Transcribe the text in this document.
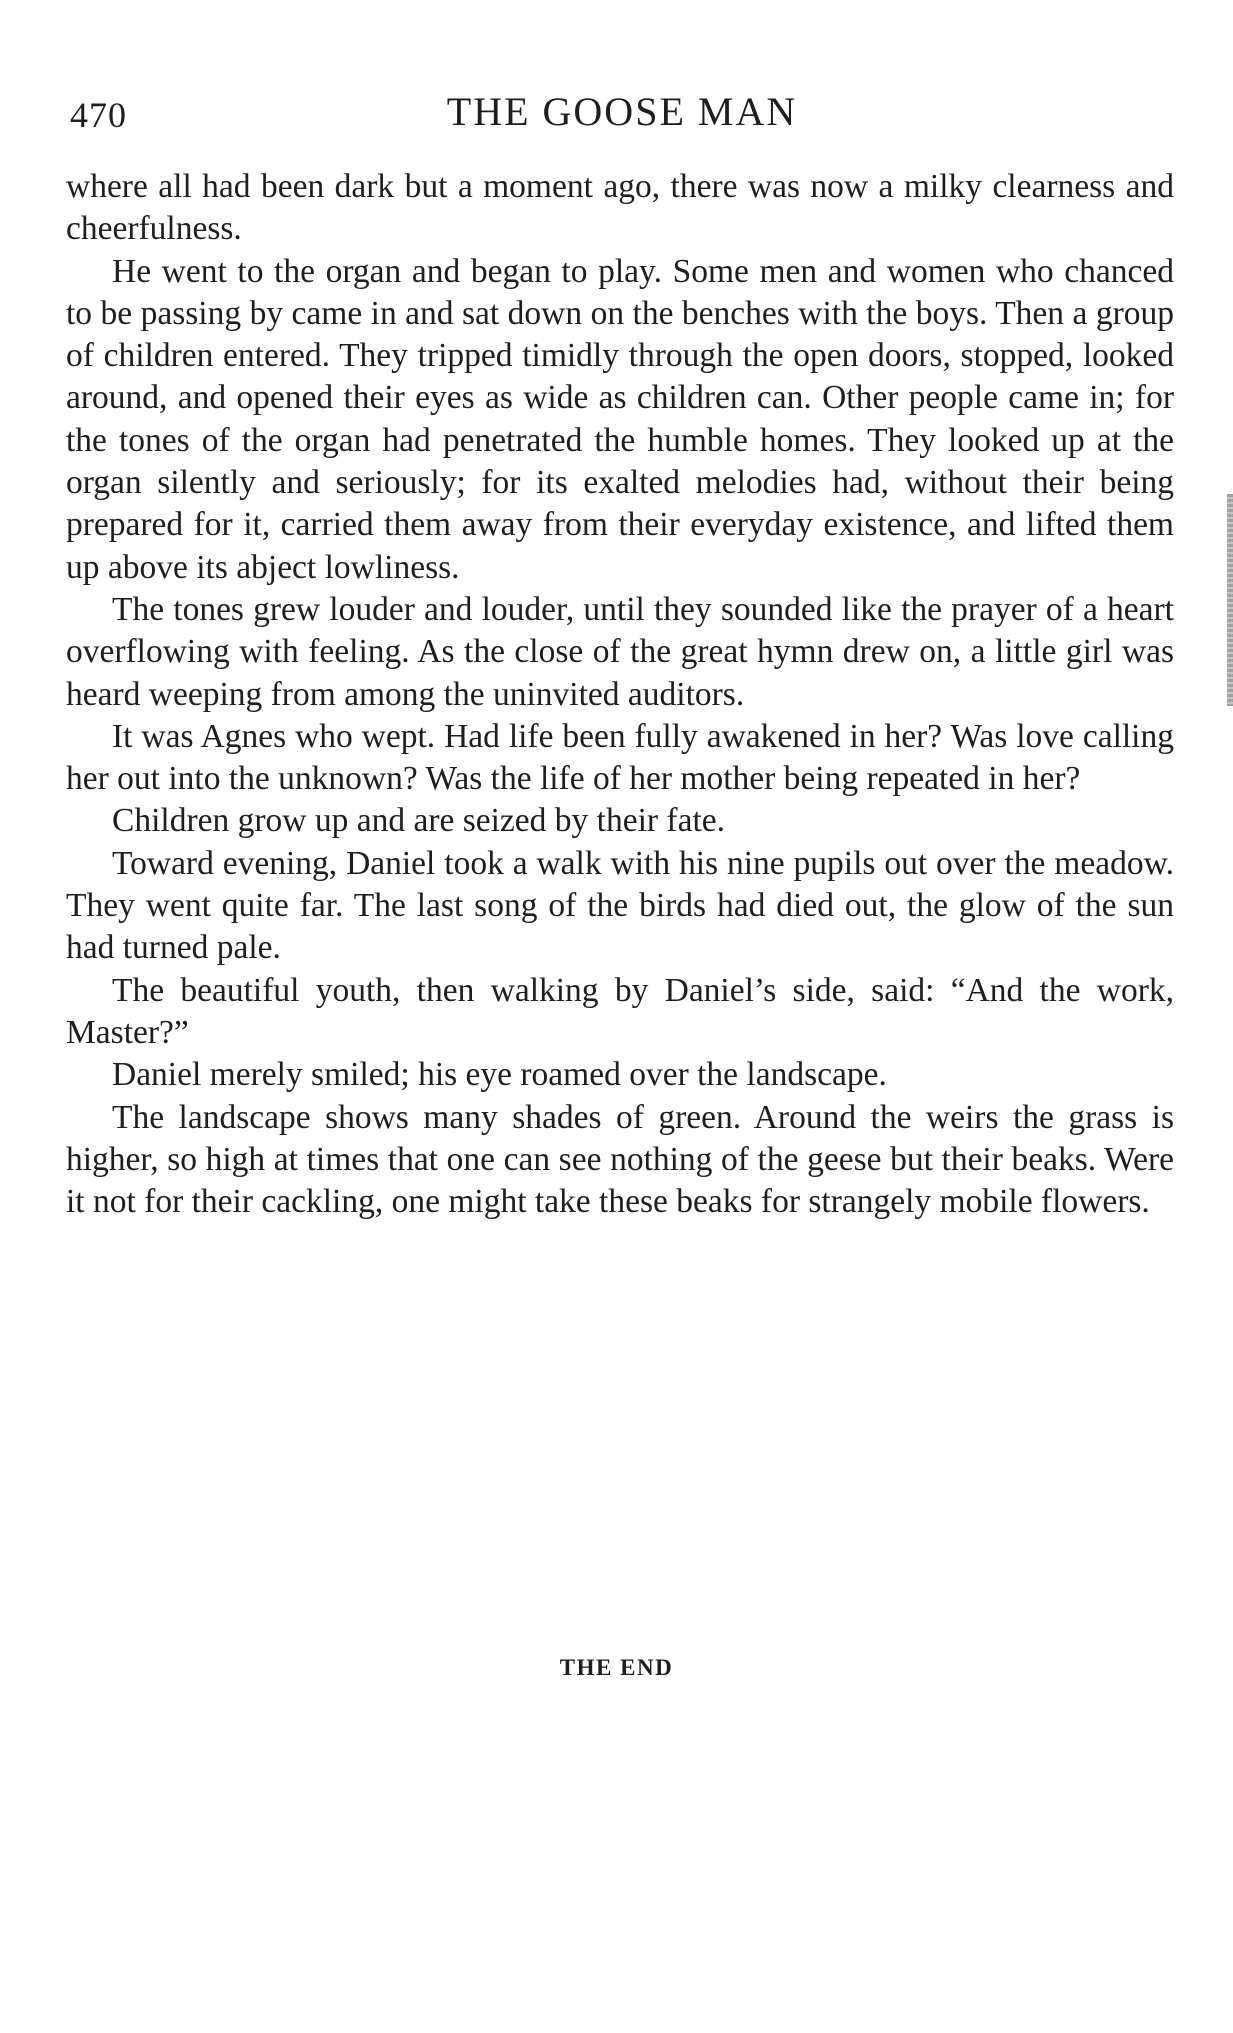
470	THE GOOSE MAN

where all had been dark but a moment ago, there was now a milky clearness and cheerfulness.

He went to the organ and began to play. Some men and women who chanced to be passing by came in and sat down on the benches with the boys. Then a group of children entered. They tripped timidly through the open doors, stopped, looked around, and opened their eyes as wide as children can. Other people came in; for the tones of the organ had penetrated the humble homes. They looked up at the organ silently and seriously; for its exalted melodies had, without their being prepared for it, carried them away from their everyday existence, and lifted them up above its abject lowliness.

The tones grew louder and louder, until they sounded like the prayer of a heart overflowing with feeling. As the close of the great hymn drew on, a little girl was heard weeping from among the uninvited auditors.

It was Agnes who wept. Had life been fully awakened in her? Was love calling her out into the unknown? Was the life of her mother being repeated in her?

Children grow up and are seized by their fate.

Toward evening, Daniel took a walk with his nine pupils out over the meadow. They went quite far. The last song of the birds had died out, the glow of the sun had turned pale.

The beautiful youth, then walking by Daniel’s side, said: “And the work, Master?”

Daniel merely smiled; his eye roamed over the landscape.

The landscape shows many shades of green. Around the weirs the grass is higher, so high at times that one can see nothing of the geese but their beaks. Were it not for their cackling, one might take these beaks for strangely mobile flowers.

THE END
